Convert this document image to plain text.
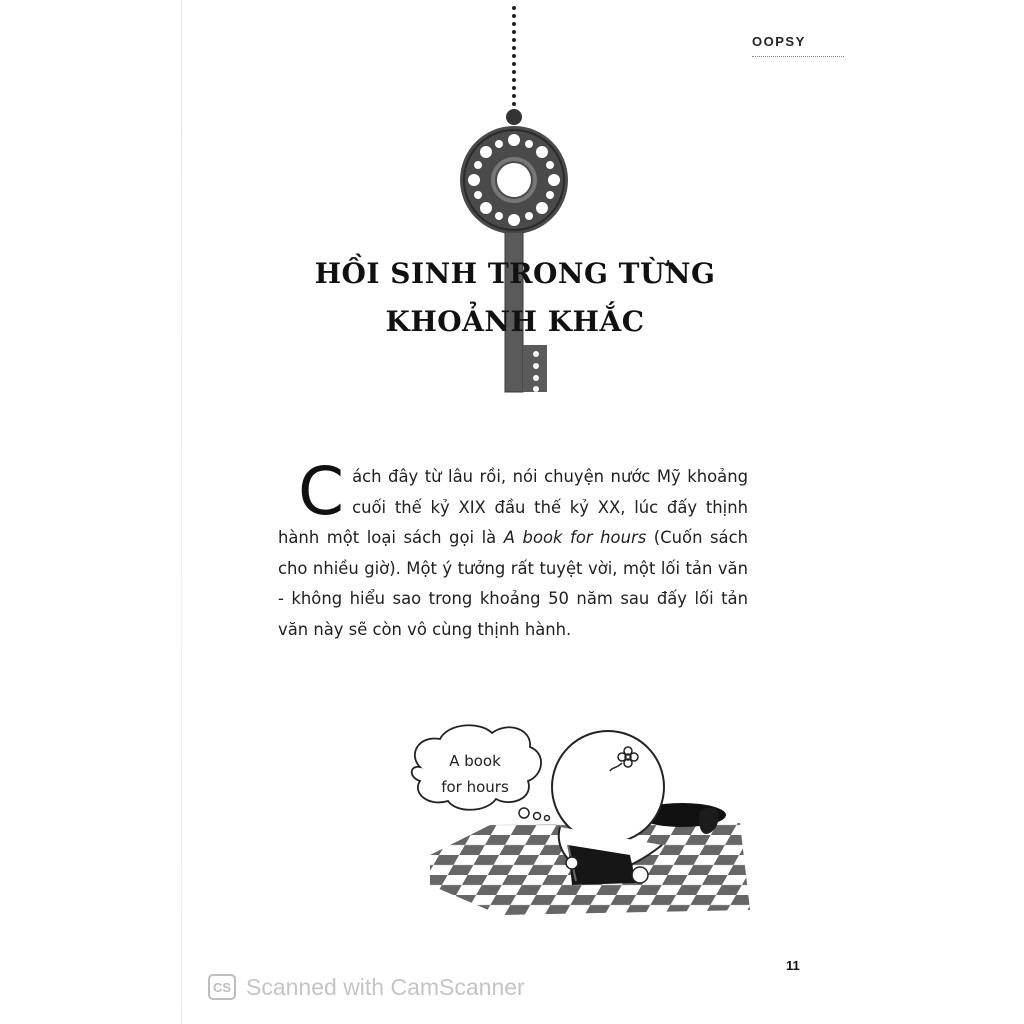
OOPSY
HỒI SINH TRONG TỪNG
KHOẢNH KHẮC
Cách đây từ lâu rồi, nói chuyện nước Mỹ khoảng cuối thế kỷ XIX đầu thế kỷ XX, lúc đấy thịnh hành một loại sách gọi là A book for hours (Cuốn sách cho nhiều giờ). Một ý tưởng rất tuyệt vời, một lối tản văn - không hiểu sao trong khoảng 50 năm sau đấy lối tản văn này sẽ còn vô cùng thịnh hành.
A book
for hours
11
CS Scanned with CamScanner
